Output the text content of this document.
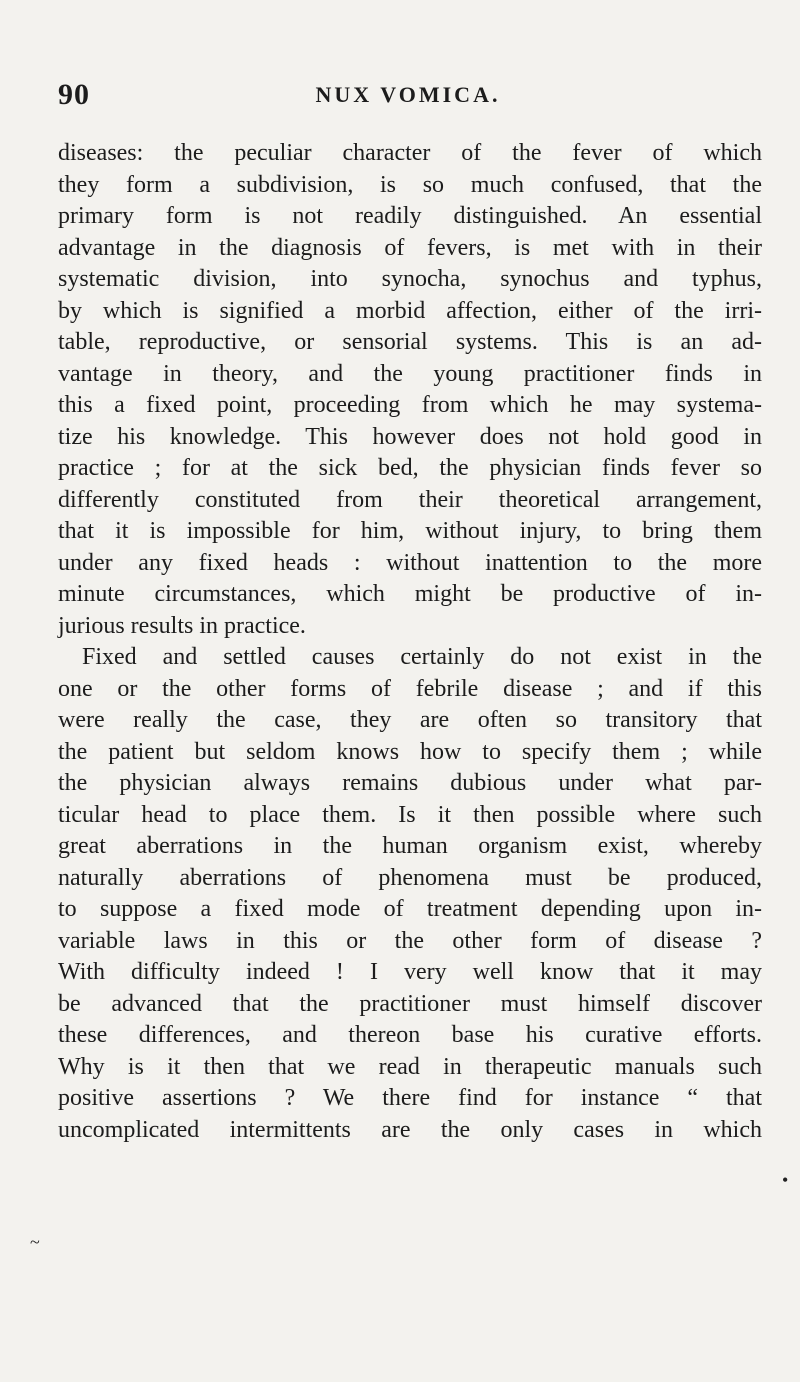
90	NUX VOMICA.
diseases: the peculiar character of the fever of which
they form a subdivision, is so much confused, that the
primary form is not readily distinguished. An essential
advantage in the diagnosis of fevers, is met with in their
systematic division, into synocha, synochus and typhus,
by which is signified a morbid affection, either of the irri-
table, reproductive, or sensorial systems. This is an ad-
vantage in theory, and the young practitioner finds in
this a fixed point, proceeding from which he may systema-
tize his knowledge. This however does not hold good in
practice ; for at the sick bed, the physician finds fever so
differently constituted from their theoretical arrangement,
that it is impossible for him, without injury, to bring them
under any fixed heads : without inattention to the more
minute circumstances, which might be productive of in-
jurious results in practice.
Fixed and settled causes certainly do not exist in the
one or the other forms of febrile disease ; and if this
were really the case, they are often so transitory that
the patient but seldom knows how to specify them ; while
the physician always remains dubious under what par-
ticular head to place them. Is it then possible where such
great aberrations in the human organism exist, whereby
naturally aberrations of phenomena must be produced,
to suppose a fixed mode of treatment depending upon in-
variable laws in this or the other form of disease ?
With difficulty indeed ! I very well know that it may
be advanced that the practitioner must himself discover
these differences, and thereon base his curative efforts.
Why is it then that we read in therapeutic manuals such
positive assertions ? We there find for instance “ that
uncomplicated intermittents are the only cases in which
•
~
